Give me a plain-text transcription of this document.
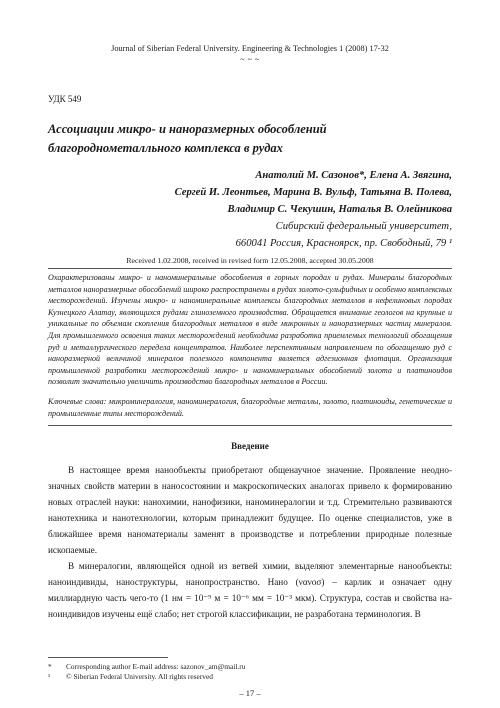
Journal of Siberian Federal University. Engineering & Technologies 1 (2008) 17-32
~ ~ ~
УДК 549
Ассоциации микро- и наноразмерных обособлений
благороднометалльного комплекса в рудах
Анатолий М. Сазонов*, Елена А. Звягина,
Сергей И. Леонтьев, Марина В. Вульф, Татьяна В. Полева,
Владимир С. Чекушин, Наталья В. Олейникова
Сибирский федеральный университет,
660041 Россия, Красноярск, пр. Свободный, 79 ¹
Received 1.02.2008, received in revised form 12.05.2008, accepted 30.05.2008
Охарактеризованы микро- и наноминеральные обособления в горных породах и рудах. Минералы благородных металлов наноразмерные обособлений широко распространены в рудах золото-сульфидных и особенно комплексных месторождений. Изучены микро- и наноминеральные комплексы благородных металлов в нефелиновых породах Кузнецкого Алатау, являющихся рудами глиноземного производства. Обращается внимание геологов на крупные и уникальные по объемам скопления благородных металлов в виде микронных и наноразмерных частиц минералов. Для промышленного освоения таких месторождений необходима разработка приемлемых технологий обогащения руд и металлургического передела концентратов. Наиболее перспективным направлением по обогащению руд с наноразмерной величиной минералов полезного компонента является адгезионная флотация. Организация промышленной разработки месторождений микро- и наноминеральных обособлений золота и платиноидов позволит значительно увеличить производство благородных металлов в России.
Ключевые слова: микроминералогия, наноминералогия, благородные металлы, золото, платиноиды, генетические и промышленные типы месторождений.
Введение

В настоящее время нанообъекты приобретают общенаучное значение. Проявление неоднозначных свойств материи в наносостоянии и макроскопических аналогах привело к формированию новых отраслей науки: нанохимии, нанофизики, наноминералогии и т.д. Стремительно развиваются нанотехника и нанотехнологии, которым принадлежит будущее. По оценке специалистов, уже в ближайшее время наноматериалы заменят в производстве и потреблении природные полезные ископаемые.

В минералогии, являющейся одной из ветвей химии, выделяют элементарные нанообъекты: наноиндивиды, наноструктуры, нанопространство. Нано (νανοσ) – карлик и означает одну миллиардную часть чего-то (1 нм = 10⁻⁹ м = 10⁻⁶ мм = 10⁻³ мкм). Структура, состав и свойства наноиндивидов изучены ещё слабо; нет строгой классификации, не разработана терминология. В

* Corresponding author E-mail address: sazonov_am@mail.ru
¹ © Siberian Federal University. All rights reserved
– 17 –
